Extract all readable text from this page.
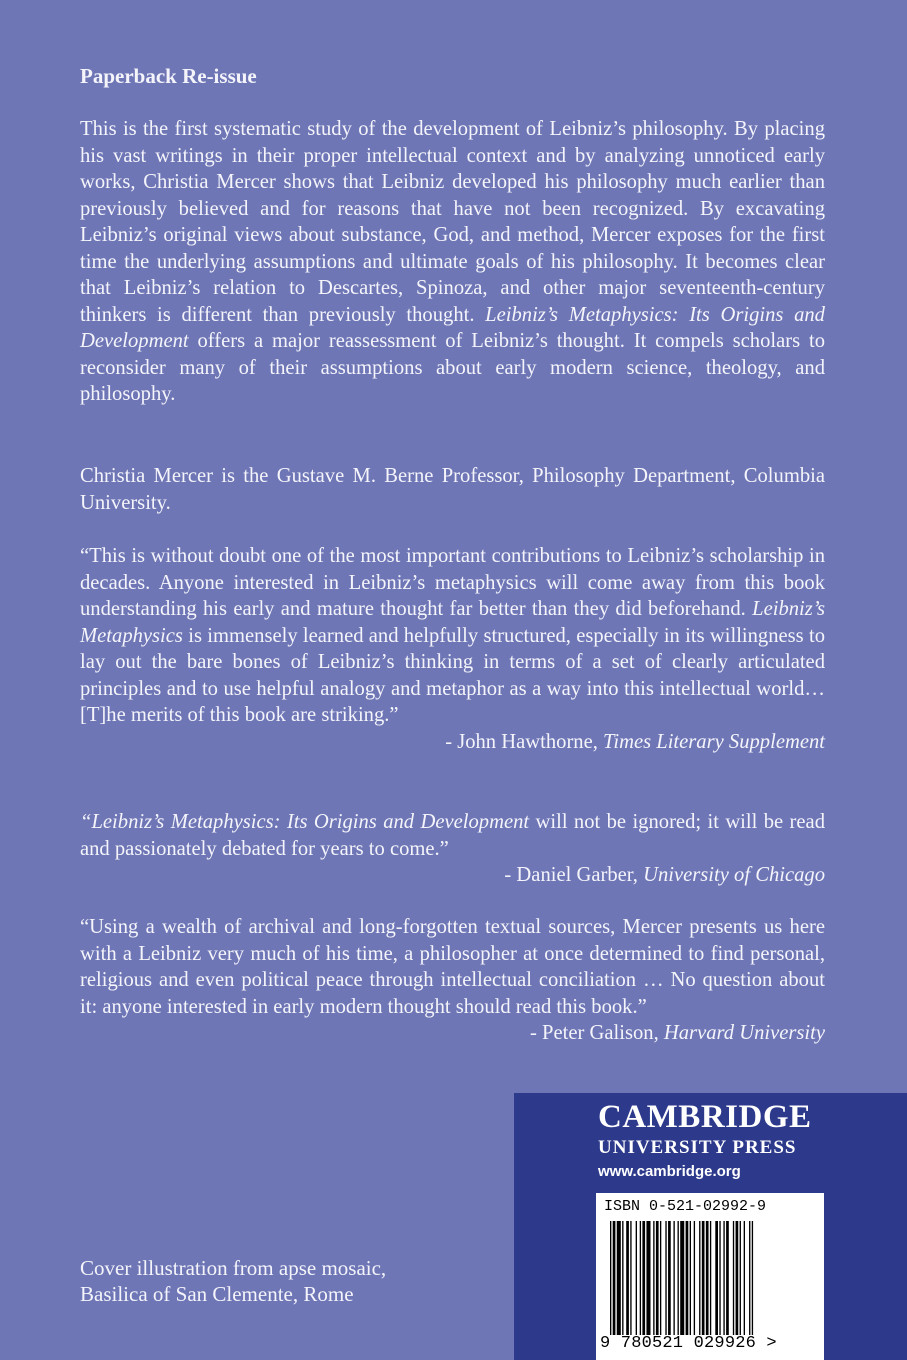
Paperback Re-issue

This is the first systematic study of the development of Leibniz’s philosophy. By placing his vast writings in their proper intellectual context and by analyzing unnoticed early works, Christia Mercer shows that Leibniz developed his philosophy much earlier than previously believed and for reasons that have not been recognized. By excavating Leibniz’s original views about substance, God, and method, Mercer exposes for the first time the underlying assumptions and ultimate goals of his philosophy. It becomes clear that Leibniz’s relation to Descartes, Spinoza, and other major seventeenth-century thinkers is different than previously thought. Leibniz’s Metaphysics: Its Origins and Development offers a major reassessment of Leibniz’s thought. It compels scholars to reconsider many of their assumptions about early modern science, theology, and philosophy.

Christia Mercer is the Gustave M. Berne Professor, Philosophy Department, Columbia University.

“This is without doubt one of the most important contributions to Leibniz’s scholarship in decades. Anyone interested in Leibniz’s metaphysics will come away from this book understanding his early and mature thought far better than they did beforehand. Leibniz’s Metaphysics is immensely learned and helpfully structured, especially in its willingness to lay out the bare bones of Leibniz’s thinking in terms of a set of clearly articulated principles and to use helpful analogy and metaphor as a way into this intellectual world… [T]he merits of this book are striking.”
- John Hawthorne, Times Literary Supplement

“Leibniz’s Metaphysics: Its Origins and Development will not be ignored; it will be read and passionately debated for years to come.”
- Daniel Garber, University of Chicago

“Using a wealth of archival and long-forgotten textual sources, Mercer presents us here with a Leibniz very much of his time, a philosopher at once determined to find personal, religious and even political peace through intellectual conciliation … No question about it: anyone interested in early modern thought should read this book.”
- Peter Galison, Harvard University

Cover illustration from apse mosaic,
Basilica of San Clemente, Rome
CAMBRIDGE
UNIVERSITY PRESS
www.cambridge.org
ISBN 0-521-02992-9
9 780521 029926 >
